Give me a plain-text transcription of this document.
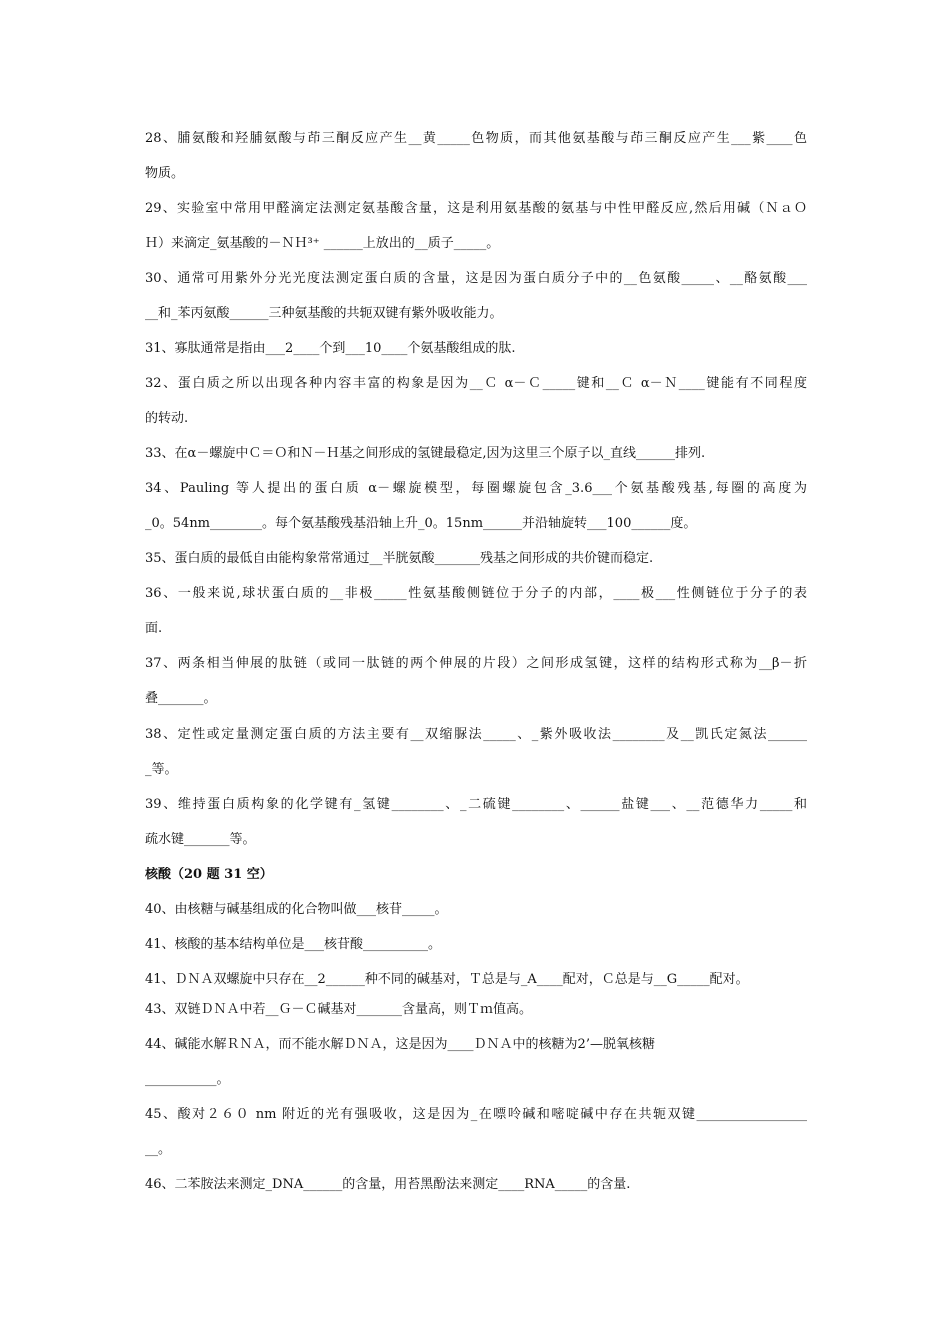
28、脯氨酸和羟脯氨酸与茚三酮反应产生__黄_____色物质，而其他氨基酸与茚三酮反应产生___紫____色
物质。
29、实验室中常用甲醛滴定法测定氨基酸含量，这是利用氨基酸的氨基与中性甲醛反应,然后用碱（ＮａＯ
Ｈ）来滴定_氨基酸的－ＮＨ³⁺ ______上放出的__质子_____。
30、通常可用紫外分光光度法测定蛋白质的含量，这是因为蛋白质分子中的__色氨酸_____、__酪氨酸___
__和_苯丙氨酸______三种氨基酸的共轭双键有紫外吸收能力。
31、寡肽通常是指由___2____个到___10____个氨基酸组成的肽.
32、蛋白质之所以出现各种内容丰富的构象是因为__Ｃ α－Ｃ_____键和__Ｃ α－Ｎ____键能有不同程度
的转动.
33、在α－螺旋中Ｃ＝Ｏ和Ｎ－Ｈ基之间形成的氢键最稳定,因为这里三个原子以_直线______排列.
34、Pauling 等人提出的蛋白质 α－螺旋模型，每圈螺旋包含_3.6___个氨基酸残基,每圈的高度为
_0。54nm________。每个氨基酸残基沿轴上升_0。15nm______并沿轴旋转___100______度。
35、蛋白质的最低自由能构象常常通过__半胱氨酸_______残基之间形成的共价键而稳定.
36、一般来说,球状蛋白质的__非极_____性氨基酸侧链位于分子的内部，____极___性侧链位于分子的表
面.
37、两条相当伸展的肽链（或同一肽链的两个伸展的片段）之间形成氢键，这样的结构形式称为__β－折
叠_______。
38、定性或定量测定蛋白质的方法主要有__双缩脲法_____、_紫外吸收法________及__凯氏定氮法______
_等。
39、维持蛋白质构象的化学键有_氢键________、_二硫键________、______盐键___、__范德华力_____和
疏水键_______等。
核酸（20 题 31 空）
40、由核糖与碱基组成的化合物叫做___核苷_____。
41、核酸的基本结构单位是___核苷酸__________。
41、ＤＮＡ双螺旋中只存在__2______种不同的碱基对，Ｔ总是与_A____配对，Ｃ总是与__G_____配对。
43、双链ＤＮＡ中若__Ｇ－Ｃ碱基对_______含量高，则Ｔｍ值高。
44、碱能水解ＲＮＡ，而不能水解ＤＮＡ，这是因为____ＤＮＡ中的核糖为2’—脱氧核糖
___________。
45、酸对２６０ nm 附近的光有强吸收，这是因为_在嘌呤碱和嘧啶碱中存在共轭双键_________________
__。
46、二苯胺法来测定_DNA______的含量，用苔黑酚法来测定____RNA_____的含量.
